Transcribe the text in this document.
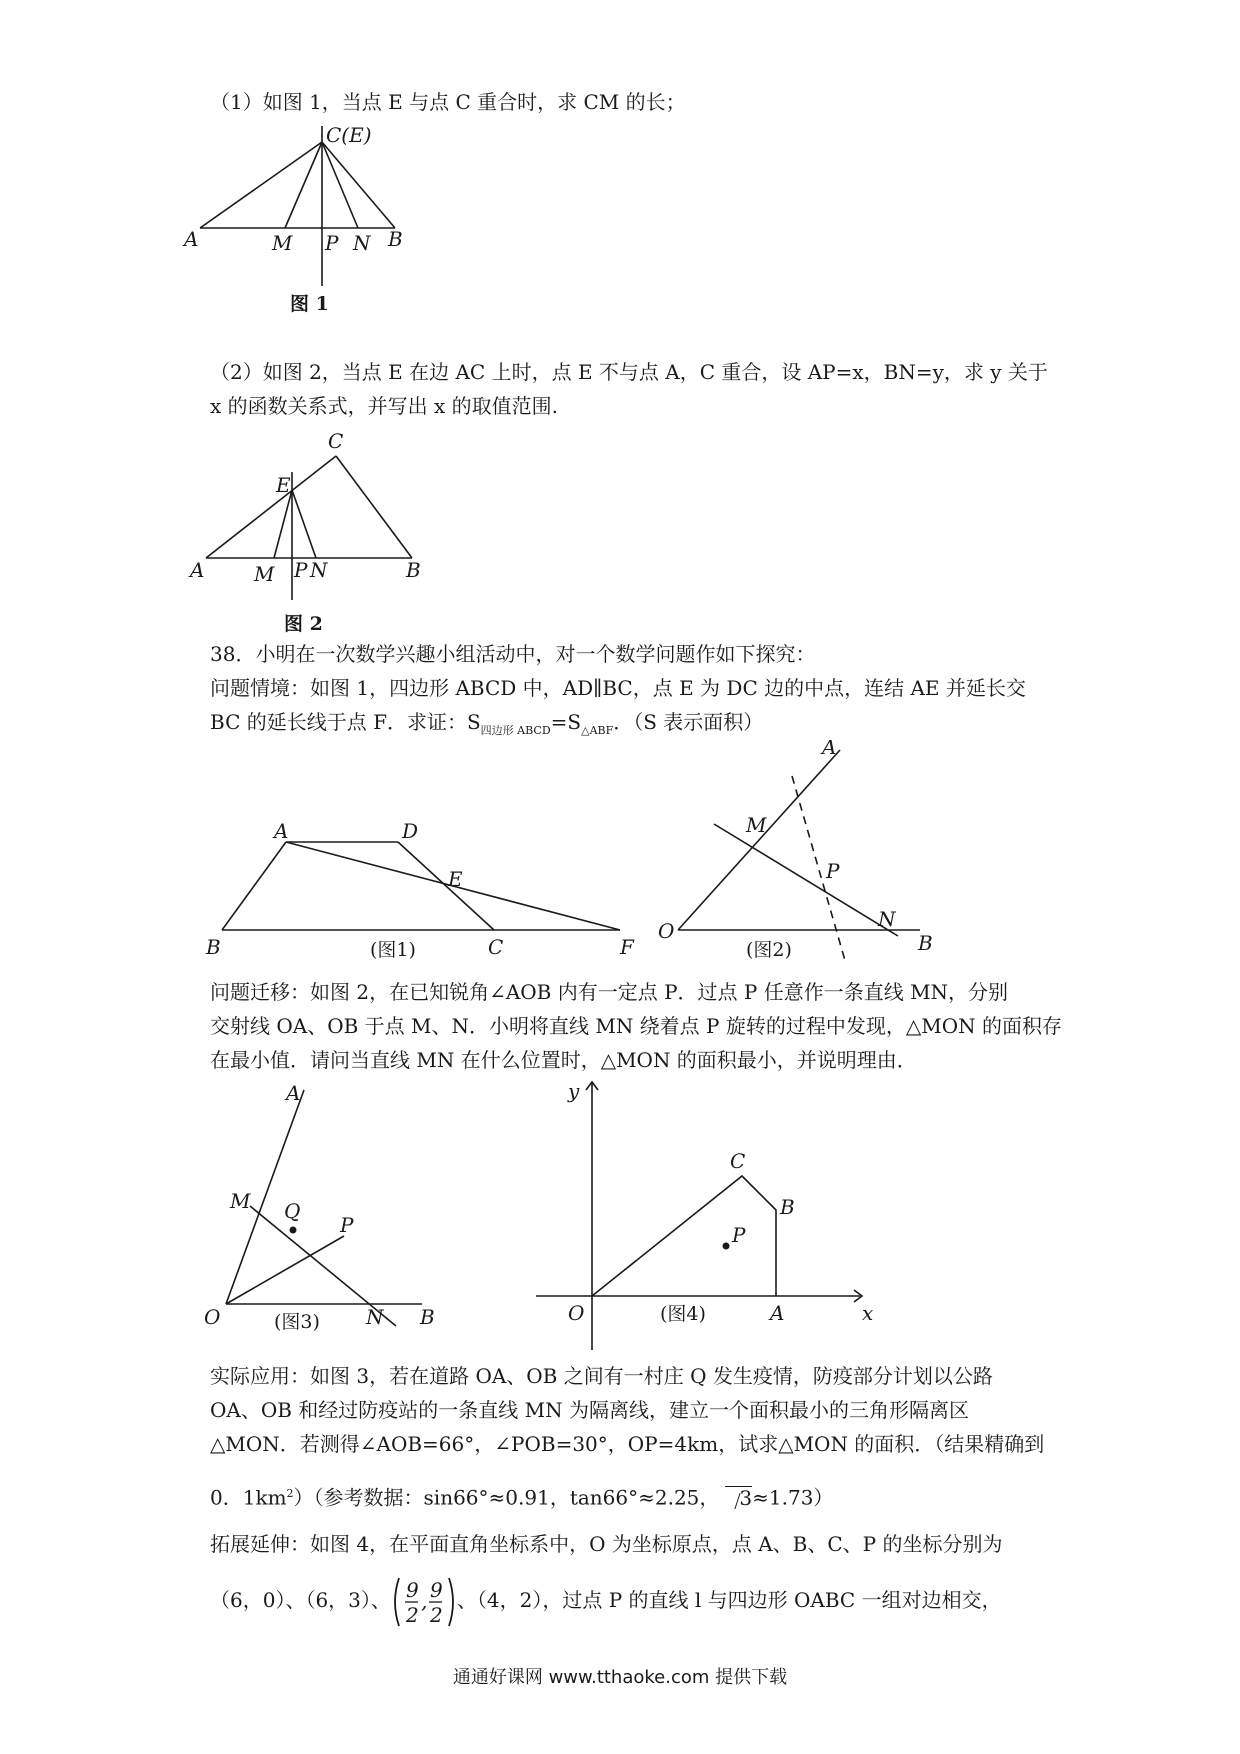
（1）如图 1，当点 E 与点 C 重合时，求 CM 的长；
C(E)
A	M P N B
图 1
（2）如图 2，当点 E 在边 AC 上时，点 E 不与点 A，C 重合，设 AP=x，BN=y，求 y 关于
x 的函数关系式，并写出 x 的取值范围.
C
E
A M P N	B
图 2
38．小明在一次数学兴趣小组活动中，对一个数学问题作如下探究：
问题情境：如图 1，四边形 ABCD 中，AD∥BC，点 E 为 DC 边的中点，连结 AE 并延长交
BC 的延长线于点 F．求证：$S_{四边形 ABCD}=S_{\triangle ABF}$．（S 表示面积）
A	D
E
B	C	F
(图1)
A
M
P
N
O	B
(图2)
问题迁移：如图 2，在已知锐角∠AOB 内有一定点 P．过点 P 任意作一条直线 MN，分别
交射线 OA、OB 于点 M、N．小明将直线 MN 绕着点 P 旋转的过程中发现，△MON 的面积存
在最小值．请问当直线 MN 在什么位置时，△MON 的面积最小，并说明理由．
A
M Q
P
O	N B
(图3)
y
C
B
P
O	A	x
(图4)
实际应用：如图 3，若在道路 OA、OB 之间有一村庄 Q 发生疫情，防疫部分计划以公路
OA、OB 和经过防疫站的一条直线 MN 为隔离线，建立一个面积最小的三角形隔离区
△MON．若测得∠AOB=66°，∠POB=30°，OP=4km，试求△MON 的面积．（结果精确到
0．$1km^2$）（参考数据：sin66°≈0.91，tan66°≈2.25， 3≈1.73）
拓展延伸：如图 4，在平面直角坐标系中，O 为坐标原点，点 A、B、C、P 的坐标分别为
（6，0）、（6，3）、 9
2
, 9
2
、（4，2），过点 P 的直线 l 与四边形 OABC 一组对边相交，
通通好课网 www.tthaoke.com 提供下载
